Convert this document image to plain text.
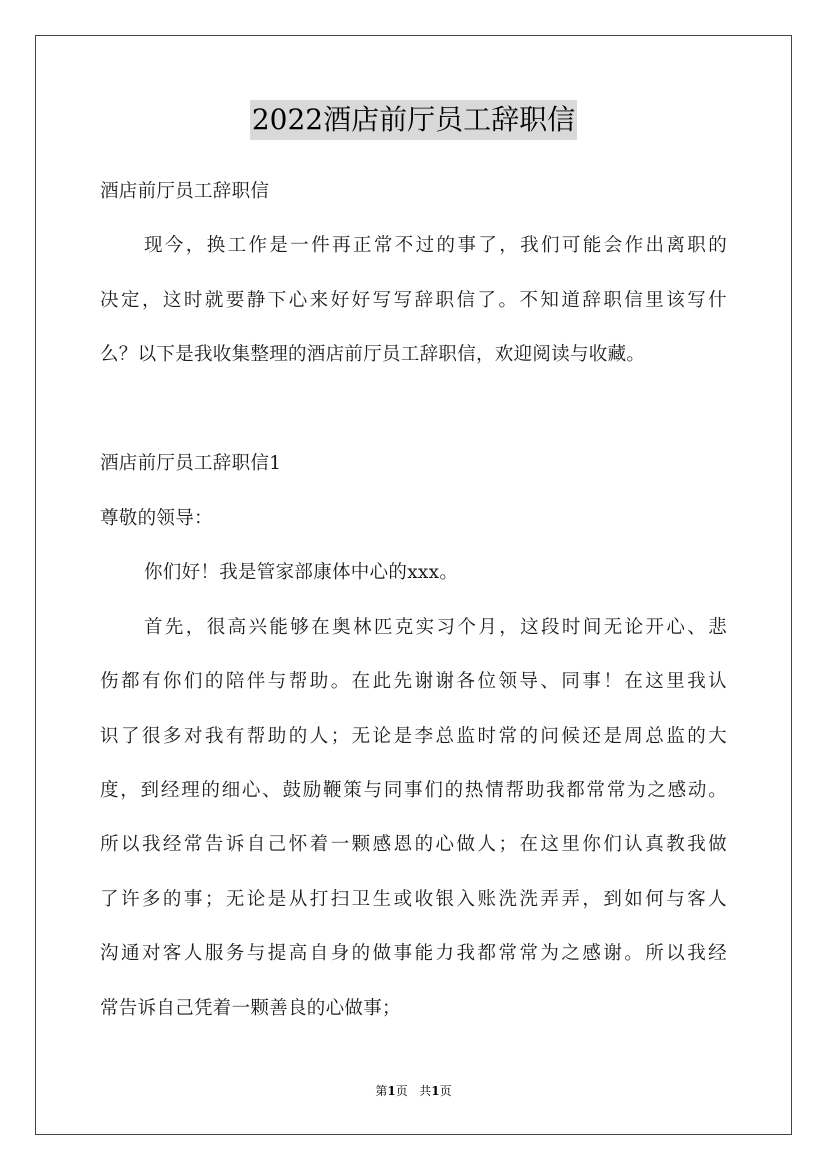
2022酒店前厅员工辞职信
酒店前厅员工辞职信
现今，换工作是一件再正常不过的事了，我们可能会作出离职的
决定，这时就要静下心来好好写写辞职信了。不知道辞职信里该写什
么？以下是我收集整理的酒店前厅员工辞职信，欢迎阅读与收藏。
酒店前厅员工辞职信1
尊敬的领导：
你们好！我是管家部康体中心的xxx。
首先，很高兴能够在奥林匹克实习个月，这段时间无论开心、悲
伤都有你们的陪伴与帮助。在此先谢谢各位领导、同事！在这里我认
识了很多对我有帮助的人；无论是李总监时常的问候还是周总监的大
度，到经理的细心、鼓励鞭策与同事们的热情帮助我都常常为之感动。
所以我经常告诉自己怀着一颗感恩的心做人；在这里你们认真教我做
了许多的事；无论是从打扫卫生或收银入账洗洗弄弄，到如何与客人
沟通对客人服务与提高自身的做事能力我都常常为之感谢。所以我经
常告诉自己凭着一颗善良的心做事；
第1页 共1页
